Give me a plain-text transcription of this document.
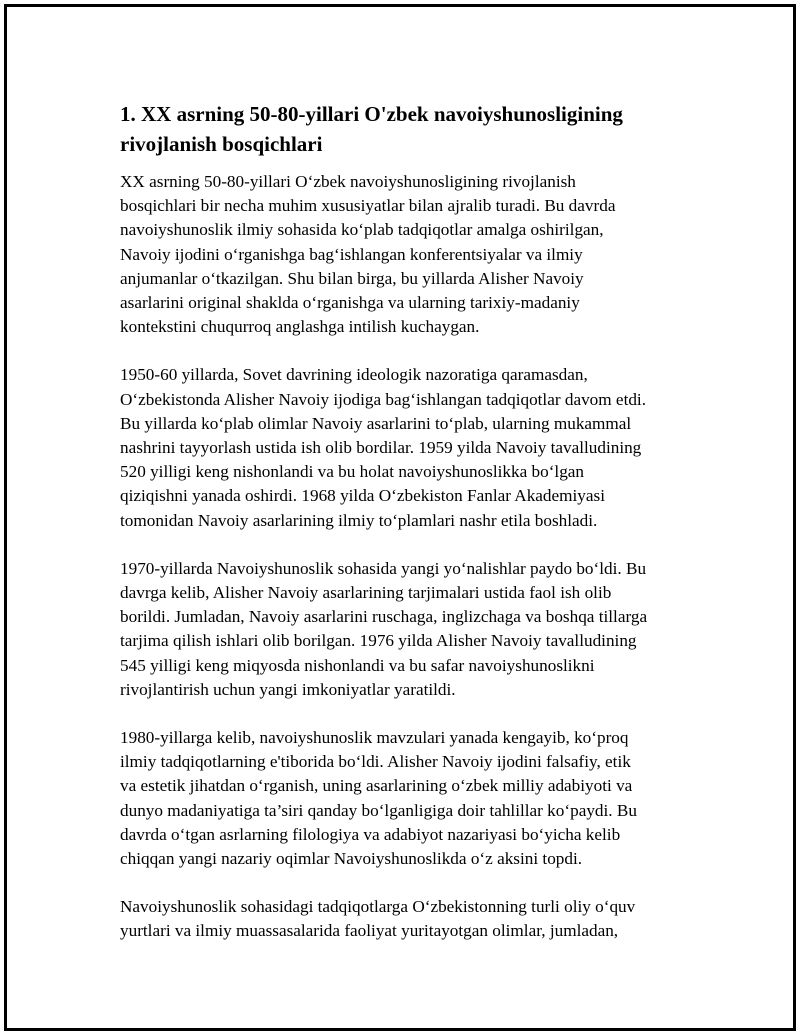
1. XX asrning 50-80-yillari O'zbek navoiyshunosligining
rivojlanish bosqichlari

XX asrning 50-80-yillari O‘zbek navoiyshunosligining rivojlanish
bosqichlari bir necha muhim xususiyatlar bilan ajralib turadi. Bu davrda
navoiyshunoslik ilmiy sohasida ko‘plab tadqiqotlar amalga oshirilgan,
Navoiy ijodini o‘rganishga bag‘ishlangan konferentsiyalar va ilmiy
anjumanlar o‘tkazilgan. Shu bilan birga, bu yillarda Alisher Navoiy
asarlarini original shaklda o‘rganishga va ularning tarixiy-madaniy
kontekstini chuqurroq anglashga intilish kuchaygan.

1950-60 yillarda, Sovet davrining ideologik nazoratiga qaramasdan,
O‘zbekistonda Alisher Navoiy ijodiga bag‘ishlangan tadqiqotlar davom etdi.
Bu yillarda ko‘plab olimlar Navoiy asarlarini to‘plab, ularning mukammal
nashrini tayyorlash ustida ish olib bordilar. 1959 yilda Navoiy tavalludining
520 yilligi keng nishonlandi va bu holat navoiyshunoslikka bo‘lgan
qiziqishni yanada oshirdi. 1968 yilda O‘zbekiston Fanlar Akademiyasi
tomonidan Navoiy asarlarining ilmiy to‘plamlari nashr etila boshladi.

1970-yillarda Navoiyshunoslik sohasida yangi yo‘nalishlar paydo bo‘ldi. Bu
davrga kelib, Alisher Navoiy asarlarining tarjimalari ustida faol ish olib
borildi. Jumladan, Navoiy asarlarini ruschaga, inglizchaga va boshqa tillarga
tarjima qilish ishlari olib borilgan. 1976 yilda Alisher Navoiy tavalludining
545 yilligi keng miqyosda nishonlandi va bu safar navoiyshunoslikni
rivojlantirish uchun yangi imkoniyatlar yaratildi.

1980-yillarga kelib, navoiyshunoslik mavzulari yanada kengayib, ko‘proq
ilmiy tadqiqotlarning e'tiborida bo‘ldi. Alisher Navoiy ijodini falsafiy, etik
va estetik jihatdan o‘rganish, uning asarlarining o‘zbek milliy adabiyoti va
dunyo madaniyatiga ta’siri qanday bo‘lganligiga doir tahlillar ko‘paydi. Bu
davrda o‘tgan asrlarning filologiya va adabiyot nazariyasi bo‘yicha kelib
chiqqan yangi nazariy oqimlar Navoiyshunoslikda o‘z aksini topdi.

Navoiyshunoslik sohasidagi tadqiqotlarga O‘zbekistonning turli oliy o‘quv
yurtlari va ilmiy muassasalarida faoliyat yuritayotgan olimlar, jumladan,
